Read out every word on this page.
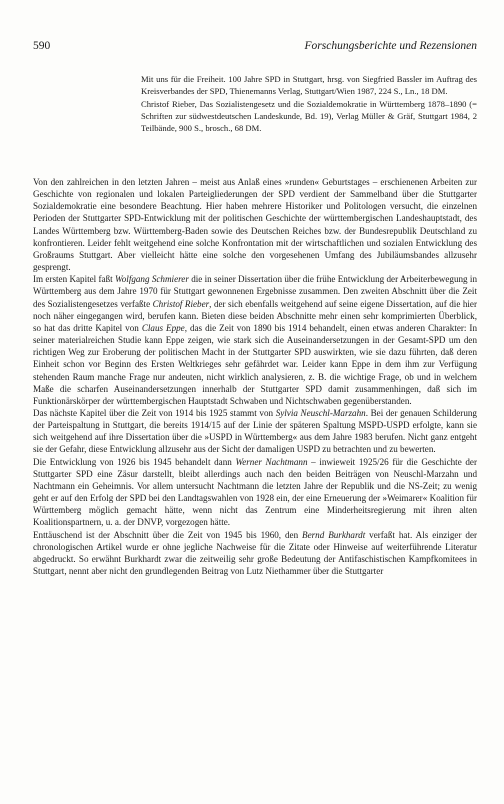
590	Forschungsberichte und Rezensionen

Mit uns für die Freiheit. 100 Jahre SPD in Stuttgart, hrsg. von Siegfried Bassler im Auftrag des Kreisverbandes der SPD, Thienemanns Verlag, Stuttgart/Wien 1987, 224 S., Ln., 18 DM.

Christof Rieber, Das Sozialistengesetz und die Sozialdemokratie in Württemberg 1878–1890 (= Schriften zur südwestdeutschen Landeskunde, Bd. 19), Verlag Müller & Gräf, Stuttgart 1984, 2 Teilbände, 900 S., brosch., 68 DM.

Von den zahlreichen in den letzten Jahren – meist aus Anlaß eines »runden« Geburtstages – erschienenen Arbeiten zur Geschichte von regionalen und lokalen Parteigliederungen der SPD verdient der Sammelband über die Stuttgarter Sozialdemokratie eine besondere Beachtung. Hier haben mehrere Historiker und Politologen versucht, die einzelnen Perioden der Stuttgarter SPD-Entwicklung mit der politischen Geschichte der württembergischen Landeshauptstadt, des Landes Württemberg bzw. Württemberg-Baden sowie des Deutschen Reiches bzw. der Bundesrepublik Deutschland zu konfrontieren. Leider fehlt weitgehend eine solche Konfrontation mit der wirtschaftlichen und sozialen Entwicklung des Großraums Stuttgart. Aber vielleicht hätte eine solche den vorgesehenen Umfang des Jubiläumsbandes allzusehr gesprengt.

Im ersten Kapitel faßt Wolfgang Schmierer die in seiner Dissertation über die frühe Entwicklung der Arbeiterbewegung in Württemberg aus dem Jahre 1970 für Stuttgart gewonnenen Ergebnisse zusammen. Den zweiten Abschnitt über die Zeit des Sozialistengesetzes verfaßte Christof Rieber, der sich ebenfalls weitgehend auf seine eigene Dissertation, auf die hier noch näher eingegangen wird, berufen kann. Bieten diese beiden Abschnitte mehr einen sehr komprimierten Überblick, so hat das dritte Kapitel von Claus Eppe, das die Zeit von 1890 bis 1914 behandelt, einen etwas anderen Charakter: In seiner materialreichen Studie kann Eppe zeigen, wie stark sich die Auseinandersetzungen in der Gesamt-SPD um den richtigen Weg zur Eroberung der politischen Macht in der Stuttgarter SPD auswirkten, wie sie dazu führten, daß deren Einheit schon vor Beginn des Ersten Weltkrieges sehr gefährdet war. Leider kann Eppe in dem ihm zur Verfügung stehenden Raum manche Frage nur andeuten, nicht wirklich analysieren, z. B. die wichtige Frage, ob und in welchem Maße die scharfen Auseinandersetzungen innerhalb der Stuttgarter SPD damit zusammenhingen, daß sich im Funktionärskörper der württembergischen Hauptstadt Schwaben und Nichtschwaben gegenüberstanden.

Das nächste Kapitel über die Zeit von 1914 bis 1925 stammt von Sylvia Neuschl-Marzahn. Bei der genauen Schilderung der Parteispaltung in Stuttgart, die bereits 1914/15 auf der Linie der späteren Spaltung MSPD-USPD erfolgte, kann sie sich weitgehend auf ihre Dissertation über die »USPD in Württemberg« aus dem Jahre 1983 berufen. Nicht ganz entgeht sie der Gefahr, diese Entwicklung allzusehr aus der Sicht der damaligen USPD zu betrachten und zu bewerten.

Die Entwicklung von 1926 bis 1945 behandelt dann Werner Nachtmann – inwieweit 1925/26 für die Geschichte der Stuttgarter SPD eine Zäsur darstellt, bleibt allerdings auch nach den beiden Beiträgen von Neuschl-Marzahn und Nachtmann ein Geheimnis. Vor allem untersucht Nachtmann die letzten Jahre der Republik und die NS-Zeit; zu wenig geht er auf den Erfolg der SPD bei den Landtagswahlen von 1928 ein, der eine Erneuerung der »Weimarer« Koalition für Württemberg möglich gemacht hätte, wenn nicht das Zentrum eine Minderheitsregierung mit ihren alten Koalitionspartnern, u. a. der DNVP, vorgezogen hätte.

Enttäuschend ist der Abschnitt über die Zeit von 1945 bis 1960, den Bernd Burkhardt verfaßt hat. Als einziger der chronologischen Artikel wurde er ohne jegliche Nachweise für die Zitate oder Hinweise auf weiterführende Literatur abgedruckt. So erwähnt Burkhardt zwar die zeitweilig sehr große Bedeutung der Antifaschistischen Kampfkomitees in Stuttgart, nennt aber nicht den grundlegenden Beitrag von Lutz Niethammer über die Stuttgarter
